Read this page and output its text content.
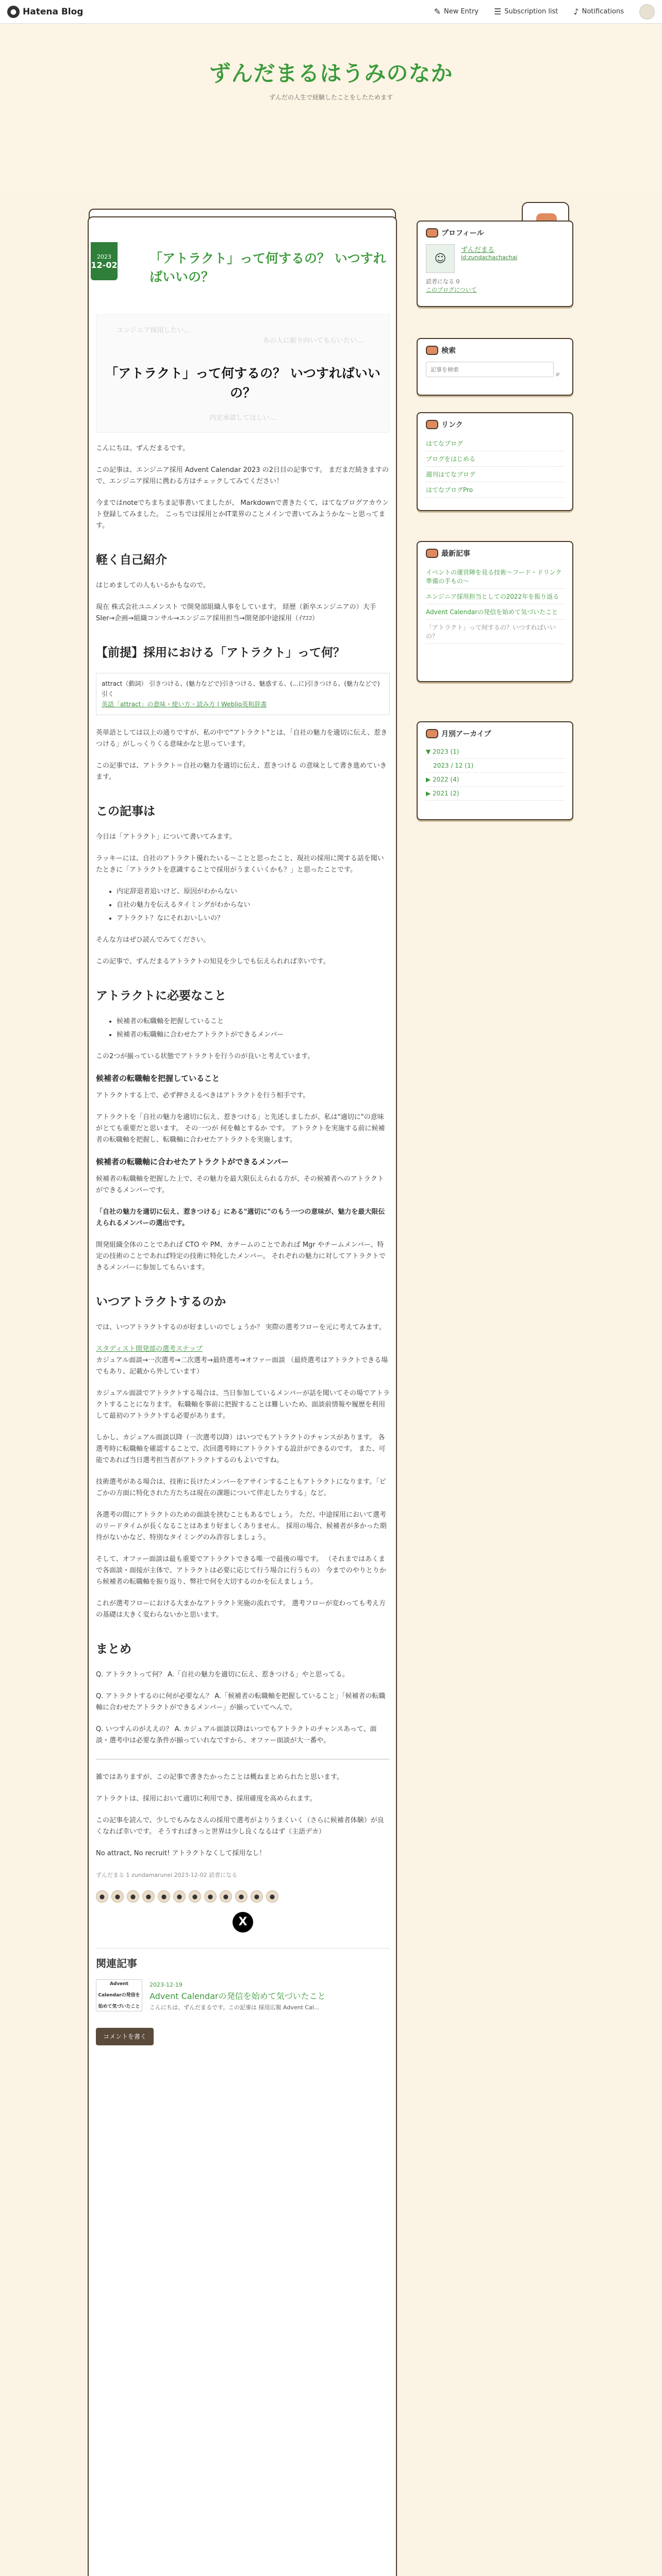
● Hatena Blog	✎ New Entry ☰ Subscription list ♪ Notifications
ずんだまるはうみのなか
ずんだの人生で経験したことをしたためます
2023
12-02 「アトラクト」って何するの？ いつすればいいの？
エンジニア採用したい…
あの人に振り向いてもらいたい…
「アトラクト」って何するの？ いつすればいいの？
内定承諾してほしい…

こんにちは。ずんだまるです。

この記事は、エンジニア採用 Advent Calendar 2023 の2日目の記事です。 まだまだ続きますので、エンジニア採用に携わる方はチェックしてみてください！

今まではnoteでちまちま記事書いてましたが、 Markdownで書きたくて、はてなブログアカウント登録してみました。 こっちでは採用とかIT業界のことメインで書いてみようかな〜と思ってます。

軽く自己紹介

はじめましての人もいるかもなので。

現在 株式会社ユニメンスト で開発部組織人事をしています。 経歴（新卒エンジニアの）大手SIer→企画→組織コンサル→エンジニア採用担当→開発部中途採用（ｲﾏｺｺ）

【前提】採用における「アトラクト」って何？
attract（動詞） 引きつける、(魅力などで)引きつける、魅惑する、(...に)引きつける、(魅力などで)引く
英語「attract」の意味・使い方・読み方 | Weblio英和辞書

英単語としては以上の通りですが、私の中で"アトラクト"とは、「自社の魅力を適切に伝え、惹きつける」がしっくりくる意味かなと思っています。

この記事では、アトラクト＝自社の魅力を適切に伝え、惹きつける の意味として書き進めていきます。

この記事は

今日は「アトラクト」について書いてみます。

ラッキーには、自社のアトラクト優れたいる〜ことと思ったこと、現社の採用に関する話を聞いたときに「アトラクトを意識することで採用がうまくいくかも？」と思ったことです。

• 内定辞退者追いけど、原因がわからない
• 自社の魅力を伝えるタイミングがわからない
• アトラクト？なにそれおいしいの？

そんな方はぜひ読んでみてください。

この記事で、ずんだまるアトラクトの知見を少しでも伝えられれば幸いです。

アトラクトに必要なこと
• 候補者の転職軸を把握していること
• 候補者の転職軸に合わせたアトラクトができるメンバー

この2つが揃っている状態でアトラクトを行うのが良いと考えています。

候補者の転職軸を把握していること

アトラクトする上で、必ず押さえるべきはアトラクトを行う相手です。

アトラクトを「自社の魅力を適切に伝え、惹きつける」と先述しましたが、私は"適切に"の意味がとても重要だと思います。 その一つが 何を軸とするか です。 アトラクトを実施する前に候補者の転職軸を把握し、転職軸に合わせたアトラクトを実施します。

候補者の転職軸に合わせたアトラクトができるメンバー

候補者の転職軸を把握した上で、その魅力を最大限伝えられる方が、その候補者へのアトラクトができるメンバーです。

「自社の魅力を適切に伝え、惹きつける」にある"適切に"のもう一つの意味が、魅力を最大限伝えられるメンバーの選出です。

開発組織全体のことであれば CTO や PM、カチームのことであれば Mgr やチームメンバー、特定の技術のことであれば特定の技術に特化したメンバー。 それぞれの魅力に対してアトラクトできるメンバーに参加してもらいます。

いつアトラクトするのか

では、いつアトラクトするのが好ましいのでしょうか？ 実際の選考フローを元に考えてみます。

スタディスト開発部の選考ステップ

カジュアル面談→一次選考→二次選考→最終選考→オファー面談 （最終選考はアトラクトできる場でもあり、記載から外しています）

カジュアル面談でアトラクトする場合は、当日参加しているメンバーが話を聞いてその場でアトラクトすることになります。 転職軸を事前に把握することは難しいため、面談前情報や履歴を利用して最初のアトラクトする必要があります。

しかし、カジュアル面談以降（一次選考以降）はいつでもアトラクトのチャンスがあります。 各選考時に転職軸を確認することで、次回選考時にアトラクトする設計ができるのです。 また、可能であれば当日選考担当者がアトラクトするのもよいですね。

技術選考がある場合は、技術に長けたメンバーをアサインすることもアトラクトになります。「ピごかの方面に特化された方たちは現在の課題について伴走したりする」など。

各選考の間にアトラクトのための面談を挟むこともあるでしょう。 ただ、中途採用において選考のリードタイムが長くなることはあまり好ましくありません。 採用の場合、候補者が多かった期待がないかなど、特別なタイミングのみ許容しましょう。

そして、オファー面談は最も重要でアトラクトできる唯一で最後の場です。 （それまではあくまで各面談・面接が主体で、アトラクトは必要に応じて行う場合に行うもの） 今までのやりとりから候補者の転職軸を振り返り、弊社で何を大切するのかを伝えましょう。

これが選考フローにおける大まかなアトラクト実施の流れです。 選考フローが変わっても考え方の基礎は大きく変わらないかと思います。

まとめ

Q. アトラクトって何？ A.「自社の魅力を適切に伝え、惹きつける」やと思ってる。

Q. アトラクトするのに何が必要なん？ A.「候補者の転職軸を把握していること」「候補者の転職軸に合わせたアトラクトができるメンバー」が揃っていてへんで。

Q. いつすんのがええの？ A. カジュアル面談以降はいつでもアトラクトのチャンスあって、面談・選考中は必要な条件が揃っていれなですから、オファー面談が大一番や。

雑ではありますが、この記事で書きたかったことは概ねまとめられたと思います。

アトラクトは、採用において適切に利用でき、採用確度を高められます。

この記事を読んで、少しでもみなさんの採用で選考がよりうまくいく（さらに候補者体験）が良くなれば幸いです。 そうすればきっと世界は少し良くなるはず（主語デカ）

No attract, No recruit! アトラクトなくして採用なし！

ずんだまる 1 zundamarunei 2023-12-02 読者になる
●	●	●	●	●	●	●	●	●	●	●	●
X
関連記事
Advent Calendarの発信を始めて気づいたこと
2023-12-19
Advent Calendarの発信を始めて気づいたこと
こんにちは、ずんだまるです。この記事は 採用広報 Advent Cal...
コメントを書く
プロフィール
☺
ずんだまる
id:zundachachachai
読者になる 0
このブログについて
検索
記事を検索
⌕
リンク
はてなブログ
ブログをはじめる
週刊はてなブログ
はてなブログPro
最新記事
イベントの運営陣を見る技術〜フード・ドリンク準備の手もの〜
エンジニア採用担当としての2022年を振り返る
Advent Calendarの発信を始めて気づいたこと
「アトラクト」って何するの？いつすればいいの？
月別アーカイブ
▼ 2023 (1)
2023 / 12 (1)
▶ 2022 (4)
▶ 2021 (2)
